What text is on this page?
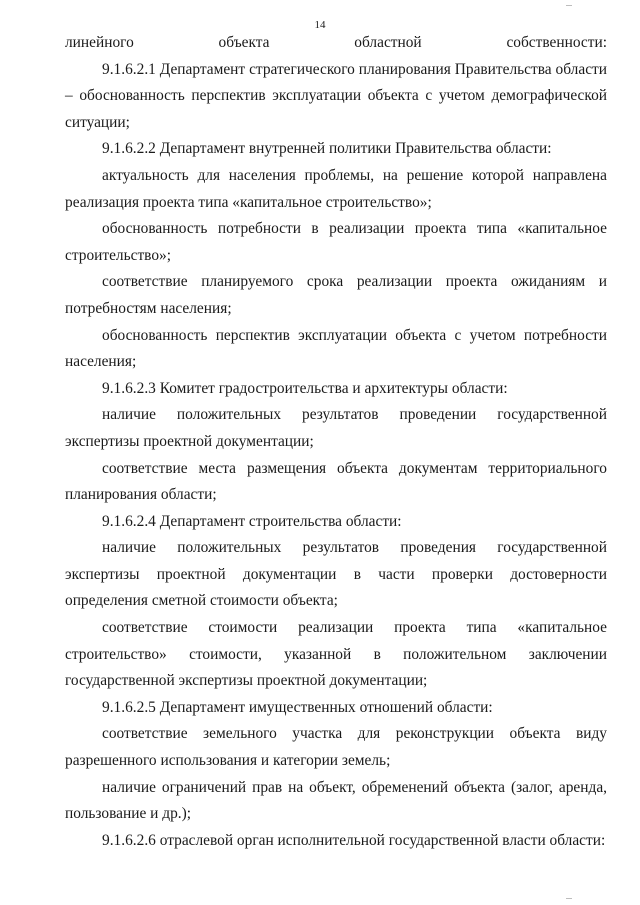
14

линейного объекта областной собственности:

9.1.6.2.1 Департамент стратегического планирования Правительства области – обоснованность перспектив эксплуатации объекта с учетом демографической ситуации;

9.1.6.2.2 Департамент внутренней политики Правительства области:

актуальность для населения проблемы, на решение которой направлена реализация проекта типа «капитальное строительство»;

обоснованность потребности в реализации проекта типа «капитальное строительство»;

соответствие планируемого срока реализации проекта ожиданиям и потребностям населения;

обоснованность перспектив эксплуатации объекта с учетом потребности населения;

9.1.6.2.3 Комитет градостроительства и архитектуры области:

наличие положительных результатов проведении государственной экспертизы проектной документации;

соответствие места размещения объекта документам территориального планирования области;

9.1.6.2.4 Департамент строительства области:

наличие положительных результатов проведения государственной экспертизы проектной документации в части проверки достоверности определения сметной стоимости объекта;

соответствие стоимости реализации проекта типа «капитальное строительство» стоимости, указанной в положительном заключении государственной экспертизы проектной документации;

9.1.6.2.5 Департамент имущественных отношений области:

соответствие земельного участка для реконструкции объекта виду разрешенного использования и категории земель;

наличие ограничений прав на объект, обременений объекта (залог, аренда, пользование и др.);

9.1.6.2.6 отраслевой орган исполнительной государственной власти области:
